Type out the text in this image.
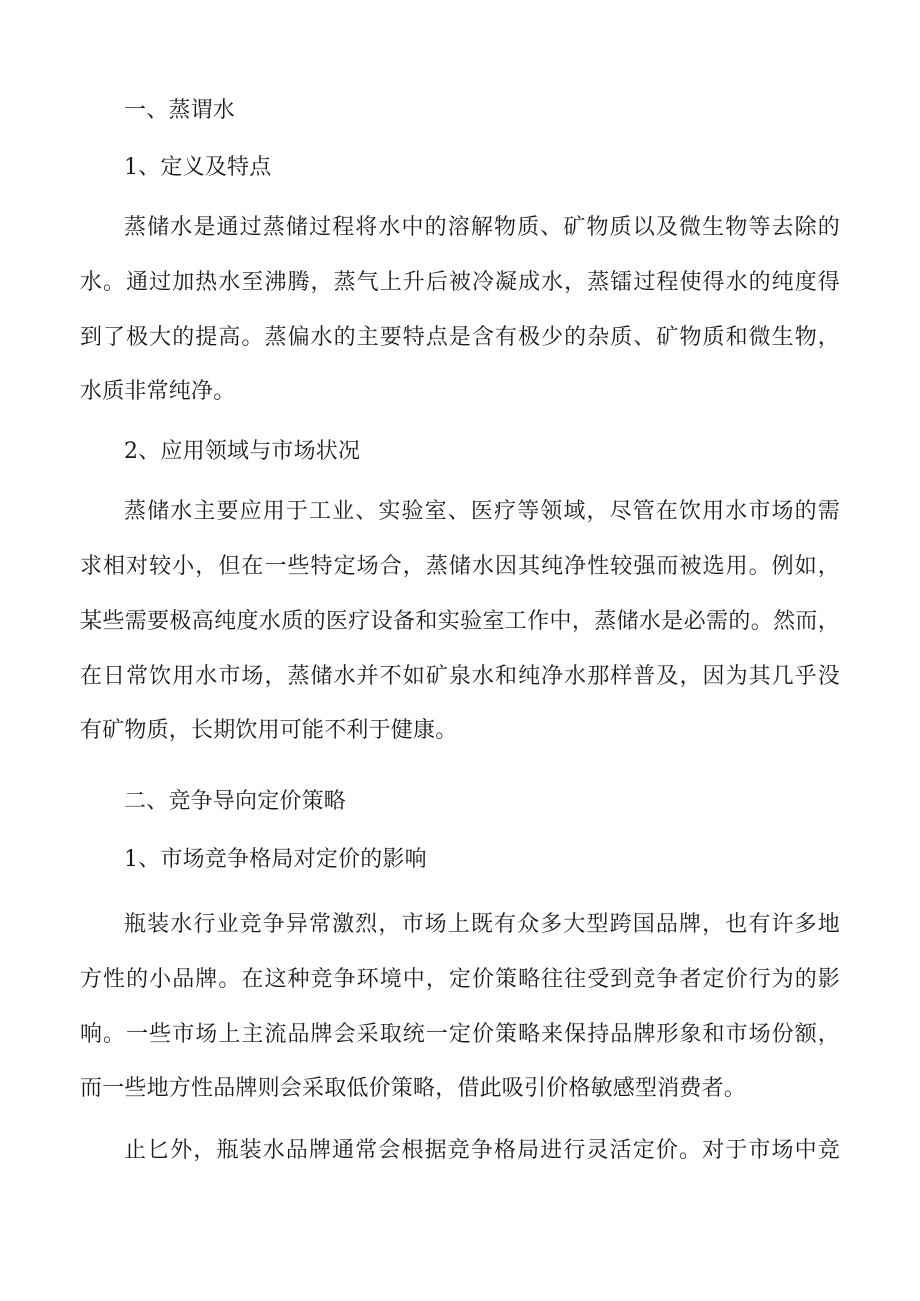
一、蒸谓水

1、定义及特点

蒸储水是通过蒸储过程将水中的溶解物质、矿物质以及微生物等去除的

水。通过加热水至沸腾，蒸气上升后被冷凝成水，蒸镭过程使得水的纯度得

到了极大的提高。蒸偏水的主要特点是含有极少的杂质、矿物质和微生物，

水质非常纯净。

2、应用领域与市场状况

蒸储水主要应用于工业、实验室、医疗等领域，尽管在饮用水市场的需

求相对较小，但在一些特定场合，蒸储水因其纯净性较强而被选用。例如，

某些需要极高纯度水质的医疗设备和实验室工作中，蒸储水是必需的。然而，

在日常饮用水市场，蒸储水并不如矿泉水和纯净水那样普及，因为其几乎没

有矿物质，长期饮用可能不利于健康。

二、竞争导向定价策略

1、市场竞争格局对定价的影响

瓶装水行业竞争异常激烈，市场上既有众多大型跨国品牌，也有许多地

方性的小品牌。在这种竞争环境中，定价策略往往受到竞争者定价行为的影

响。一些市场上主流品牌会采取统一定价策略来保持品牌形象和市场份额，

而一些地方性品牌则会采取低价策略，借此吸引价格敏感型消费者。

止匕外，瓶装水品牌通常会根据竞争格局进行灵活定价。对于市场中竞
